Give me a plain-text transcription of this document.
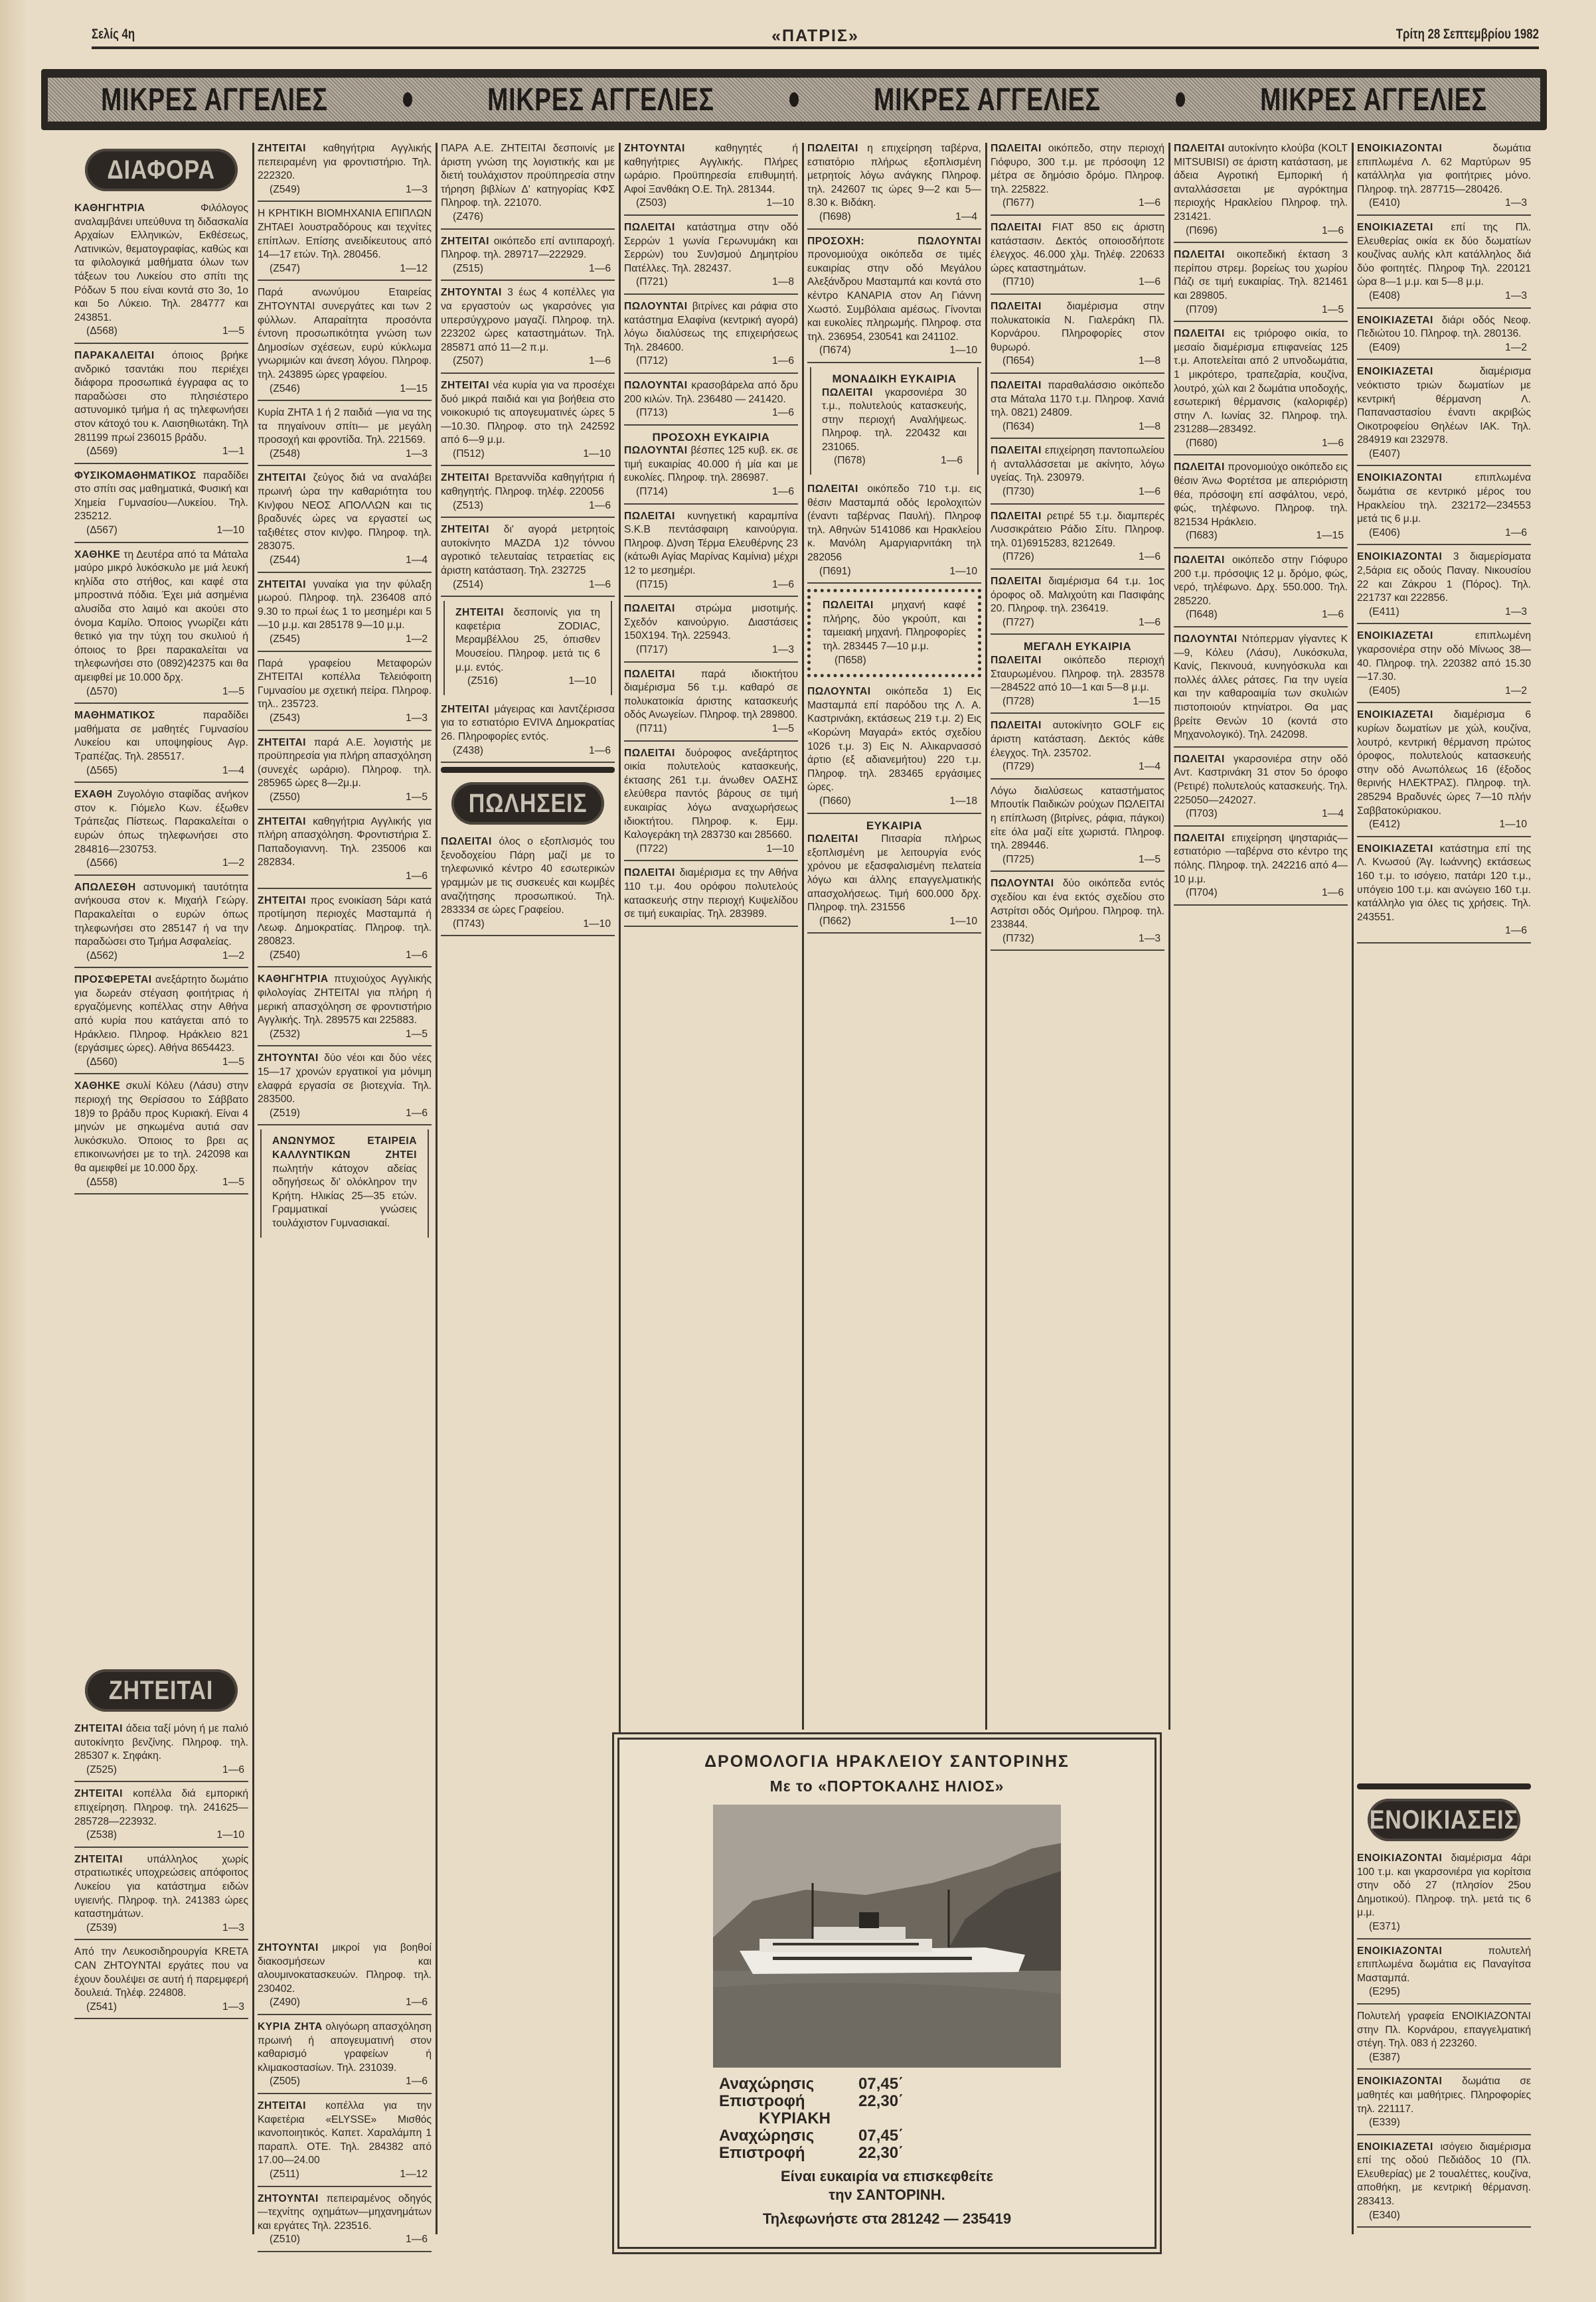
Σελίς 4η	«ΠΑΤΡΙΣ»	Τρίτη 28 Σεπτεμβρίου 1982
ΜΙΚΡΕΣ ΑΓΓΕΛΙΕΣ	ΜΙΚΡΕΣ ΑΓΓΕΛΙΕΣ	ΜΙΚΡΕΣ ΑΓΓΕΛΙΕΣ	ΜΙΚΡΕΣ ΑΓΓΕΛΙΕΣ
ΔΙΑΦΟΡΑ
ΚΑΘΗΓΗΤΡΙΑ	Φιλόλογος αναλαμβάνει υπεύθυνα τη διδασκαλία Αρχαίων Ελληνικών, Εκθέσεως, Λατινικών, θεματογραφίας, καθώς και τα φιλολογικά μαθήματα όλων των τάξεων του Λυκείου στο σπίτι της Ρόδων 5 που είναι κοντά στο 3ο, 1ο και 5ο Λύκειο. Τηλ. 284777 και 243851.
(Δ568)	1—5
ΠΑΡΑΚΑΛΕΙΤΑΙ όποιος βρήκε ανδρικό τσαντάκι που περιέχει διάφορα προσωπικά έγγραφα ας το παραδώσει στο πλησιέστερο αστυνομικό τμήμα ή ας τηλεφωνήσει στον κάτοχό του κ. Λαισηθιωτάκη. Τηλ 281199 πρωί 236015 βράδυ.
(Δ569)	1—1
ΦΥΣΙΚΟΜΑΘΗΜΑΤΙΚΟΣ παραδίδει στο σπίτι σας μαθηματικά, Φυσική και Χημεία Γυμνασίου—Λυκείου. Τηλ. 235212.
(Δ567)	1—10
ΧΑΘΗΚΕ τη Δευτέρα από τα Μάταλα μαύρο μικρό λυκόσκυλο με μιά λευκή κηλίδα στο στήθος, και καφέ στα μπροστινά πόδια. Έχει μιά ασημένια αλυσίδα στο λαιμό και ακούει στο όνομα Καμίλο. Όποιος γνωρίζει κάτι θετικό για την τύχη του σκυλιού ή όποιος το βρει παρακαλείται να τηλεφωνήσει στο (0892)42375 και θα αμειφθεί με 10.000 δρχ.
(Δ570)	1—5
ΜΑΘΗΜΑΤΙΚΟΣ	παραδίδει μαθήματα σε μαθητές Γυμνασίου Λυκείου και υποψηφίους Αγρ. Τραπέζας. Τηλ. 285517.
(Δ565)	1—4
ΕΧΑΘΗ Ζυγολόγιο σταφίδας ανήκον στον κ. Γιόμελο Κων. έξωθεν Τράπεζας Πίστεως. Παρακαλείται ο ευρών όπως τηλεφωνήσει στο 284816—230753.
(Δ566)	1—2
ΑΠΩΛΕΣΘΗ αστυνομική ταυτότητα ανήκουσα στον κ. Μιχαήλ Γεώργ. Παρακαλείται ο ευρών όπως τηλεφωνήσει στο 285147 ή να την παραδώσει στο Τμήμα Ασφαλείας.
(Δ562)	1—2
ΠΡΟΣΦΕΡΕΤΑΙ ανεξάρτητο δωμάτιο για δωρεάν στέγαση φοιτήτριας ή εργαζόμενης κοπέλλας στην Αθήνα από κυρία που κατάγεται από το Ηράκλειο. Πληροφ. Ηράκλειο 821 (εργάσιμες ώρες). Αθήνα 8654423.
(Δ560)	1—5
ΧΑΘΗΚΕ σκυλί Κόλευ (Λάσυ) στην περιοχή της Θερίσσου το Σάββατο 18)9 το βράδυ προς Κυριακή. Είναι 4 μηνών με σηκωμένα αυτιά σαν λυκόσκυλο. Όποιος το βρει ας επικοινωνήσει με το τηλ. 242098 και θα αμειφθεί με 10.000 δρχ.
(Δ558)	1—5
ΖΗΤΕΙΤΑΙ
ΖΗΤΕΙΤΑΙ άδεια ταξί μόνη ή με παλιό αυτοκίνητο βενζίνης. Πληροφ. τηλ. 285307 κ. Σηφάκη.
(Z525)	1—6
ΖΗΤΕΙΤΑΙ κοπέλλα διά εμπορική επιχείρηση. Πληροφ. τηλ. 241625—285728—223932.
(Z538)	1—10
ΖΗΤΕΙΤΑΙ υπάλληλος χωρίς στρατιωτικές υποχρεώσεις απόφοιτος Λυκείου για κατάστημα ειδών υγιεινής. Πληροφ. τηλ. 241383 ώρες καταστημάτων.
(Z539)	1—3
Από την Λευκοσιδηρουργία KRETA CAN ΖΗΤΟΥΝΤΑΙ εργάτες που να έχουν δουλέψει σε αυτή ή παρεμφερή δουλειά. Τηλέφ. 224808.
(Z541)	1—3
ΖΗΤΕΙΤΑΙ καθηγήτρια Αγγλικής πεπειραμένη για φροντιστήριο. Τηλ. 222320.
(Z549)	1—3
Η ΚΡΗΤΙΚΗ ΒΙΟΜΗΧΑΝΙΑ ΕΠΙΠΛΩΝ ΖΗΤΑΕΙ λουστραδόρους και τεχνίτες επίπλων. Επίσης ανειδίκευτους από 14—17 ετών. Τηλ. 280456.
(Z547)	1—12
Παρά ανωνύμου Εταιρείας ΖΗΤΟΥΝΤΑΙ συνεργάτες και των 2 φύλλων. Απαραίτητα προσόντα έντονη προσωπικότητα γνώση των Δημοσίων σχέσεων, ευρύ κύκλωμα γνωριμιών και άνεση λόγου. Πληροφ. τηλ. 243895 ώρες γραφείου.
(Z546)	1—15
Κυρία ΖΗΤΑ 1 ή 2 παιδιά —για να της τα πηγαίνουν σπίτι— με μεγάλη προσοχή και φροντίδα. Τηλ. 221569.
(Z548)	1—3
ΖΗΤΕΙΤΑΙ ζεύγος διά να αναλάβει πρωινή ώρα την καθαριότητα του Κιν)φου ΝΕΟΣ ΑΠΟΛΛΩΝ και τις βραδυνές ώρες να εργαστεί ως ταξιθέτες στον κιν)φο. Πληροφ. τηλ. 283075.
(Z544)	1—4
ΖΗΤΕΙΤΑΙ γυναίκα για την φύλαξη μωρού. Πληροφ. τηλ. 236408 από 9.30 το πρωί έως 1 το μεσημέρι και 5—10 μ.μ. και 285178 9—10 μ.μ.
(Z545)	1—2
Παρά γραφείου Μεταφορών ΖΗΤΕΙΤΑΙ κοπέλλα Τελειόφοιτη Γυμνασίου με σχετική πείρα. Πληροφ. τηλ.. 235723.
(Z543)	1—3
ΖΗΤΕΙΤΑΙ παρά Α.Ε. λογιστής με προϋπηρεσία για πλήρη απασχόληση (συνεχές ωράριο). Πληροφ. τηλ. 285965 ώρες 8—2μ.μ.
(Z550)	1—5
ΖΗΤΕΙΤΑΙ καθηγήτρια Αγγλικής για πλήρη απασχόληση. Φροντιστήρια Σ. Παπαδογιαννη. Τηλ. 235006 και 282834.
1—6
ΖΗΤΕΙΤΑΙ προς ενοικίαση 5άρι κατά προτίμηση περιοχές Μασταμπά ή Λεωφ. Δημοκρατίας. Πληροφ. τηλ. 280823.
(Z540)	1—6
ΚΑΘΗΓΗΤΡΙΑ πτυχιούχος Αγγλικής φιλολογίας ΖΗΤΕΙΤΑΙ για πλήρη ή μερική απασχόληση σε φροντιστήριο Αγγλικής. Τηλ. 289575 και 225883.
(Z532)	1—5
ΖΗΤΟΥΝΤΑΙ δύο νέοι και δύο νέες 15—17 χρονών εργατικοί για μόνιμη ελαφρά εργασία σε βιοτεχνία. Τηλ. 283500.
(Z519)	1—6
ΑΝΩΝΥΜΟΣ ΕΤΑΙΡΕΙΑ ΚΑΛΛΥΝΤΙΚΩΝ ΖΗΤΕΙ πωλητήν κάτοχον αδείας οδηγήσεως δι' ολόκληρον την Κρήτη. Ηλικίας 25—35 ετών. Γραμματικαί γνώσεις τουλάχιστον Γυμνασιακαί.
ΖΗΤΟΥΝΤΑΙ μικροί για βοηθοί διακοσμήσεων και αλουμινοκατασκευών. Πληροφ. τηλ. 230402.
(Z490)	1—6
ΚΥΡΙΑ ΖΗΤΑ ολιγόωρη απασχόληση πρωινή ή απογευματινή στον καθαρισμό γραφείων ή κλιμακοστασίων. Τηλ. 231039.
(Z505)	1—6
ΖΗΤΕΙΤΑΙ κοπέλλα για την Καφετέρια «ELYSSE» Μισθός ικανοποιητικός. Καπετ. Χαραλάμπη 1 παραπλ. ΟΤΕ. Τηλ. 284382 από 17.00—24.00
(Z511)	1—12
ΖΗΤΟΥΝΤΑΙ πεπειραμένος οδηγός —τεχνίτης οχημάτων—μηχανημάτων και εργάτες Τηλ. 223516.
(Z510)	1—6
ΠΑΡΑ Α.Ε. ΖΗΤΕΙΤΑΙ δεσποινίς με άριστη γνώση της λογιστικής και με διετή τουλάχιστον προϋπηρεσία στην τήρηση βιβλίων Δ' κατηγορίας ΚΦΣ Πληροφ. τηλ. 221070.
(Z476)
ΖΗΤΕΙΤΑΙ οικόπεδο επί αντιπαροχή. Πληροφ. τηλ. 289717—222929.
(Z515)	1—6
ΖΗΤΟΥΝΤΑΙ 3 έως 4 κοπέλλες για να εργαστούν ως γκαρσόνες για υπερσύγχρονο μαγαζί. Πληροφ. τηλ. 223202 ώρες καταστημάτων. Τηλ. 285871 από 11—2 π.μ.
(Z507)	1—6
ΖΗΤΕΙΤΑΙ νέα κυρία για να προσέχει δυό μικρά παιδιά και για βοήθεια στο νοικοκυριό τις απογευματινές ώρες 5—10.30. Πληροφ. στο τηλ 242592 από 6—9 μ.μ.
(Π512)	1—10
ΖΗΤΕΙΤΑΙ Βρεταννίδα καθηγήτρια ή καθηγητής. Πληροφ. τηλέφ. 220056
(Z513)	1—6
ΖΗΤΕΙΤΑΙ δι' αγορά μετρητοίς αυτοκίνητο MAZDA 1)2 τόννου αγροτικό τελευταίας τετραετίας εις άριστη κατάσταση. Τηλ. 232725
(Z514)	1—6
ΖΗΤΕΙΤΑΙ δεσποινίς για τη καφετέρια ZODIAC, Μεραμβέλλου 25, όπισθεν Μουσείου. Πληροφ. μετά τις 6 μ.μ. εντός.
(Z516)	1—10
ΖΗΤΕΙΤΑΙ μάγειρας και λαντζέρισσα για το εστιατόριο EVIVA Δημοκρατίας 26. Πληροφορίες εντός.
(Z438)	1—6
ΠΩΛΗΣΕΙΣ
ΠΩΛΕΙΤΑΙ όλος ο εξοπλισμός του ξενοδοχείου Πάρη μαζί με το τηλεφωνικό κέντρο 40 εσωτερικών γραμμών με τις συσκευές και κωμβές αναζήτησης προσωπικού. Τηλ. 283334 σε ώρες Γραφείου.
(Π743)	1—10
ΖΗΤΟΥΝΤΑΙ	καθηγητές ή καθηγήτριες Αγγλικής. Πλήρες ωράριο. Προϋπηρεσία επιθυμητή. Αφοί Ξανθάκη Ο.Ε. Τηλ. 281344.
(Z503)	1—10
ΠΩΛΕΙΤΑΙ κατάστημα στην οδό Σερρών 1 γωνία Γερωνυμάκη και Σερρών) του Συν)σμού Δημητρίου Πατέλλες. Τηλ. 282437.
(Π721)	1—8
ΠΩΛΟΥΝΤΑΙ βιτρίνες και ράφια στο κατάστημα Ελαφίνα (κεντρική αγορά) λόγω διαλύσεως της επιχειρήσεως Τηλ. 284600.
(Π712)	1—6
ΠΩΛΟΥΝΤΑΙ κρασοβάρελα από δρυ 200 κιλών. Τηλ. 236480 — 241420.
(Π713)	1—6
ΠΡΟΣΟΧΗ ΕΥΚΑΙΡΙΑ
ΠΩΛΟΥΝΤΑΙ βέσπες 125 κυβ. εκ. σε τιμή ευκαιρίας 40.000 ή μία και με ευκολίες. Πληροφ. τηλ. 286987.
(Π714)	1—6
ΠΩΛΕΙΤΑΙ κυνηγετική καραμπίνα S.K.B πεντάσφαιρη καινούργια. Πληροφ. Δ)νση Τέρμα Ελευθέρνης 23 (κάτωθι Αγίας Μαρίνας Καμίνια) μέχρι 12 το μεσημέρι.
(Π715)	1—6
ΠΩΛΕΙΤΑΙ στρώμα μισοτιμής. Σχεδόν καινούργιο. Διαστάσεις 150Χ194. Τηλ. 225943.
(Π717)	1—3
ΠΩΛΕΙΤΑΙ παρά ιδιοκτήτου διαμέρισμα 56 τ.μ. καθαρό σε πολυκατοικία άριστης κατασκευής οδός Ανωγείων. Πληροφ. τηλ 289800.
(Π711)	1—5
ΠΩΛΕΙΤΑΙ δυόροφος ανεξάρτητος οικία πολυτελούς κατασκευής, έκτασης 261 τ.μ. άνωθεν ΟΑΣΗΣ ελεύθερα παντός βάρους σε τιμή ευκαιρίας λόγω αναχωρήσεως ιδιοκτήτου. Πληροφ. κ. Εμμ. Καλογεράκη τηλ 283730 και 285660.
(Π722)	1—10
ΠΩΛΕΙΤΑΙ διαμέρισμα ες την Αθήνα 110 τ.μ. 4ου ορόφου πολυτελούς κατασκευής στην περιοχή Κυψελίδου σε τιμή ευκαιρίας. Τηλ. 283989.
ΠΩΛΕΙΤΑΙ η επιχείρηση ταβέρνα, εστιατόριο πλήρως εξοπλισμένη μετρητοίς λόγω ανάγκης Πληροφ. τηλ. 242607 τις ώρες 9—2 και 5—8.30 κ. Βιδάκη.
(Π698)	1—4
ΠΡΟΣΟΧΗ: ΠΩΛΟΥΝΤΑΙ προνομιούχα οικόπεδα σε τιμές ευκαιρίας στην οδό Μεγάλου Αλεξάνδρου Μασταμπά και κοντά στο κέντρο ΚΑΝΑΡΙΑ στον Αη Γιάννη Χωστό. Συμβόλαια αμέσως. Γίνονται και ευκολίες πληρωμής. Πληροφ. στα τηλ. 236954, 230541 και 241102.
(Π674)	1—10
ΜΟΝΑΔΙΚΗ ΕΥΚΑΙΡΙΑ
ΠΩΛΕΙΤΑΙ γκαρσονιέρα 30 τ.μ., πολυτελούς κατασκευής, στην περιοχή Αναλήψεως. Πληροφ. τηλ. 220432 και 231065.
(Π678)	1—6
ΠΩΛΕΙΤΑΙ οικόπεδο 710 τ.μ. εις θέσιν Μασταμπά οδός Ιερολοχιτών (έναντι ταβέρνας Παυλή). Πληροφ τηλ. Αθηνών 5141086 και Ηρακλείου κ. Μανόλη Αμαργιαρνιτάκη τηλ 282056
(Π691)	1—10
ΠΩΛΕΙΤΑΙ μηχανή καφέ πλήρης, δύο γκρούπ, και ταμειακή μηχανή. Πληροφορίες τηλ. 283445 7—10 μ.μ.
(Π658)
ΠΩΛΟΥΝΤΑΙ οικόπεδα 1) Εις Μασταμπά επί παρόδου της Λ. Α. Καστρινάκη, εκτάσεως 219 τ.μ. 2) Εις «Κορώνη Μαγαρά» εκτός σχεδίου 1026 τ.μ. 3) Εις Ν. Αλικαρνασσό άρτιο (εξ αδιανεμήτου) 220 τ.μ. Πληροφ. τηλ. 283465 εργάσιμες ώρες.
(Π660)	1—18
ΕΥΚΑΙΡΙΑ
ΠΩΛΕΙΤΑΙ Πιτσαρία πλήρως εξοπλισμένη με λειτουργία ενός χρόνου με εξασφαλισμένη πελατεία λόγω και άλλης επαγγελματικής απασχολήσεως. Τιμή 600.000 δρχ. Πληροφ. τηλ. 231556
(Π662)	1—10
ΠΩΛΕΙΤΑΙ οικόπεδο, στην περιοχή Γιόφυρο, 300 τ.μ. με πρόσοψη 12 μέτρα σε δημόσιο δρόμο. Πληροφ. τηλ. 225822.
(Π677)	1—6
ΠΩΛΕΙΤΑΙ FIAT 850 εις άριστη κατάστασιν. Δεκτός οποιοσδήποτε έλεγχος. 46.000 χλμ. Τηλέφ. 220633 ώρες καταστημάτων.
(Π710)	1—6
ΠΩΛΕΙΤΑΙ διαμέρισμα στην πολυκατοικία Ν. Γιαλεράκη Πλ. Κορνάρου. Πληροφορίες στον θυρωρό.
(Π654)	1—8
ΠΩΛΕΙΤΑΙ παραθαλάσσιο οικόπεδο στα Μάταλα 1170 τ.μ. Πληροφ. Χανιά τηλ. 0821) 24809.
(Π634)	1—8
ΠΩΛΕΙΤΑΙ επιχείρηση παντοπωλείου ή ανταλλάσσεται με ακίνητο, λόγω υγείας. Τηλ. 230979.
(Π730)	1—6
ΠΩΛΕΙΤΑΙ ρετιρέ 55 τ.μ. διαμπερές Λυσσικράτειο Ράδιο Σίτυ. Πληροφ. τηλ. 01)6915283, 8212649.
(Π726)	1—6
ΠΩΛΕΙΤΑΙ διαμέρισμα 64 τ.μ. 1ος όροφος οδ. Μαλιχούτη και Πασιφάης 20. Πληροφ. τηλ. 236419.
(Π727)	1—6
ΜΕΓΑΛΗ ΕΥΚΑΙΡΙΑ
ΠΩΛΕΙΤΑΙ οικόπεδο περιοχή Σταυρωμένου. Πληροφ. τηλ. 283578—284522 από 10—1 και 5—8 μ.μ.
(Π728)	1—15
ΠΩΛΕΙΤΑΙ αυτοκίνητο GOLF εις άριστη κατάσταση. Δεκτός κάθε έλεγχος. Τηλ. 235702.
(Π729)	1—4
Λόγω διαλύσεως καταστήματος Μπουτίκ Παιδικών ρούχων ΠΩΛΕΙΤΑΙ η επίπλωση (βιτρίνες, ράφια, πάγκοι) είτε όλα μαζί είτε χωριστά. Πληροφ. τηλ. 289446.
(Π725)	1—5
ΠΩΛΟΥΝΤΑΙ δύο οικόπεδα εντός σχεδίου και ένα εκτός σχεδίου στο Αστρίτσι οδός Ομήρου. Πληροφ. τηλ. 233844.
(Π732)	1—3
ΠΩΛΕΙΤΑΙ αυτοκίνητο κλούβα (KOLT MITSUBISI) σε άριστη κατάσταση, με άδεια Αγροτική Εμπορική ή ανταλλάσσεται με αγρόκτημα περιοχής Ηρακλείου Πληροφ. τηλ. 231421.
(Π696)	1—6
ΠΩΛΕΙΤΑΙ οικοπεδική έκταση 3 περίπου στρεμ. βορείως του χωρίου Πάζι σε τιμή ευκαιρίας. Τηλ. 821461 και 289805.
(Π709)	1—5
ΠΩΛΕΙΤΑΙ εις τριόροφο οικία, το μεσαίο διαμέρισμα επιφανείας 125 τ.μ. Αποτελείται από 2 υπνοδωμάτια, 1 μικρότερο, τραπεζαρία, κουζίνα, λουτρό, χώλ και 2 δωμάτια υποδοχής, εσωτερική θέρμανσις (καλοριφέρ) στην Λ. Ιωνίας 32. Πληροφ. τηλ. 231288—283492.
(Π680)	1—6
ΠΩΛΕΙΤΑΙ προνομιούχο οικόπεδο εις θέσιν Άνω Φορτέτσα με απεριόριστη θέα, πρόσοψη επί ασφάλτου, νερό, φώς, τηλέφωνο. Πληροφ. τηλ. 821534 Ηράκλειο.
(Π683)	1—15
ΠΩΛΕΙΤΑΙ οικόπεδο στην Γιόφυρο 200 τ.μ. πρόσοψις 12 μ. δρόμο, φώς, νερό, τηλέφωνο. Δρχ. 550.000. Τηλ. 285220.
(Π648)	1—6
ΠΩΛΟΥΝΤΑΙ Ντόπερμαν γίγαντες Κ—9, Κόλευ (Λάσυ), Λυκόσκυλα, Κανίς, Πεκινουά, κυνηγόσκυλα και πολλές άλλες ράτσες. Για την υγεία και την καθαροαιμία των σκυλιών πιστοποιούν κτηνίατροι. Θα μας βρείτε Θενών 10 (κοντά στο Μηχανολογικό). Τηλ. 242098.
ΠΩΛΕΙΤΑΙ γκαρσονιέρα στην οδό Αντ. Καστρινάκη 31 στον 5ο όροφο (Ρετιρέ) πολυτελούς κατασκευής. Τηλ. 225050—242027.
(Π703)	1—4
ΠΩΛΕΙΤΑΙ επιχείρηση ψησταριάς— εστιατόριο —ταβέρνα στο κέντρο της πόλης. Πληροφ. τηλ. 242216 από 4—10 μ.μ.
(Π704)	1—6
ΕΝΟΙΚΙΑΖΟΝΤΑΙ	δωμάτια επιπλωμένα Λ. 62 Μαρτύρων 95 κατάλληλα για φοιτήτριες μόνο. Πληροφ. τηλ. 287715—280426.
(Ε410)	1—3
ΕΝΟΙΚΙΑΖΕΤΑΙ επί της Πλ. Ελευθερίας οικία εκ δύο δωματίων κουζίνας αυλής κλπ κατάλληλος διά δύο φοιτητές. Πληροφ Τηλ. 220121 ώρα 8—1 μ.μ. και 5—8 μ.μ.
(Ε408)	1—3
ΕΝΟΙΚΙΑΖΕΤΑΙ διάρι οδός Νεοφ. Πεδιώτου 10. Πληροφ. τηλ. 280136.
(Ε409)	1—2
ΕΝΟΙΚΙΑΖΕΤΑΙ	διαμέρισμα νεόκτιστο τριών δωματίων με κεντρική θέρμανση Λ. Παπαναστασίου έναντι ακριβώς Οικοτροφείου Θηλέων ΙΑΚ. Τηλ. 284919 και 232978.
(Ε407)
ΕΝΟΙΚΙΑΖΟΝΤΑΙ	επιπλωμένα δωμάτια σε κεντρικό μέρος του Ηρακλείου τηλ. 232172—234553 μετά τις 6 μ.μ.
(Ε406)	1—6
ΕΝΟΙΚΙΑΖΟΝΤΑΙ 3 διαμερίσματα 2,5άρια εις οδούς Παναγ. Νικουσίου 22 και Ζάκρου 1 (Πόρος). Τηλ. 221737 και 222856.
(Ε411)	1—3
ΕΝΟΙΚΙΑΖΕΤΑΙ	επιπλωμένη γκαρσονιέρα στην οδό Μίνωος 38—40. Πληροφ. τηλ. 220382 από 15.30—17.30.
(Ε405)	1—2
ΕΝΟΙΚΙΑΖΕΤΑΙ διαμέρισμα 6 κυρίων δωματίων με χώλ, κουζίνα, λουτρό, κεντρική θέρμανση πρώτος όροφος, πολυτελούς κατασκευής στην οδό Ανωπόλεως 16 (έξοδος θερινής ΗΛΕΚΤΡΑΣ). Πληροφ. τηλ. 285294 Βραδυνές ώρες 7—10 πλήν Σαββατοκύριακου.
(Ε412)	1—10
ΕΝΟΙΚΙΑΖΕΤΑΙ κατάστημα επί της Λ. Κνωσού (Άγ. Ιωάννης) εκτάσεως 160 τ.μ. το ισόγειο, πατάρι 120 τ.μ., υπόγειο 100 τ.μ. και ανώγειο 160 τ.μ. κατάλληλο για όλες τις χρήσεις. Τηλ. 243551.
1—6
ΕΝΟΙΚΙΑΣΕΙΣ
ΕΝΟΙΚΙΑΖΟΝΤΑΙ διαμέρισμα 4άρι 100 τ.μ. και γκαρσονιέρα για κορίτσια στην οδό 27 (πλησίον 25ου Δημοτικού). Πληροφ. τηλ. μετά τις 6 μ.μ.
(Ε371)
ΕΝΟΙΚΙΑΖΟΝΤΑΙ	πολυτελή επιπλωμένα δωμάτια εις Παναγίτσα Μασταμπά.
(Ε295)
Πολυτελή γραφεία ΕΝΟΙΚΙΑΖΟΝΤΑΙ στην Πλ. Κορνάρου, επαγγελματική στέγη. Τηλ. 083 ή 223260.
(Ε387)
ΕΝΟΙΚΙΑΖΟΝΤΑΙ δωμάτια σε μαθητές και μαθήτριες. Πληροφορίες τηλ. 221117.
(Ε339)
ΕΝΟΙΚΙΑΖΕΤΑΙ ισόγειο διαμέρισμα επί της οδού Πεδιάδος 10 (Πλ. Ελευθερίας) με 2 τουαλέττες, κουζίνα, αποθήκη, με κεντρική θέρμανση. 283413.
(Ε340)
ΔΡΟΜΟΛΟΓΙΑ ΗΡΑΚΛΕΙΟΥ ΣΑΝΤΟΡΙΝΗΣ
Με το «ΠΟΡΤΟΚΑΛΗΣ ΗΛΙΟΣ»
Αναχώρησις	07,45΄
Επιστροφή	22,30΄
ΚΥΡΙΑΚΗ
Αναχώρησις	07,45΄
Επιστροφή	22,30΄
Είναι ευκαιρία να επισκεφθείτε
την ΣΑΝΤΟΡΙΝΗ.
Τηλεφωνήστε στα 281242 — 235419
